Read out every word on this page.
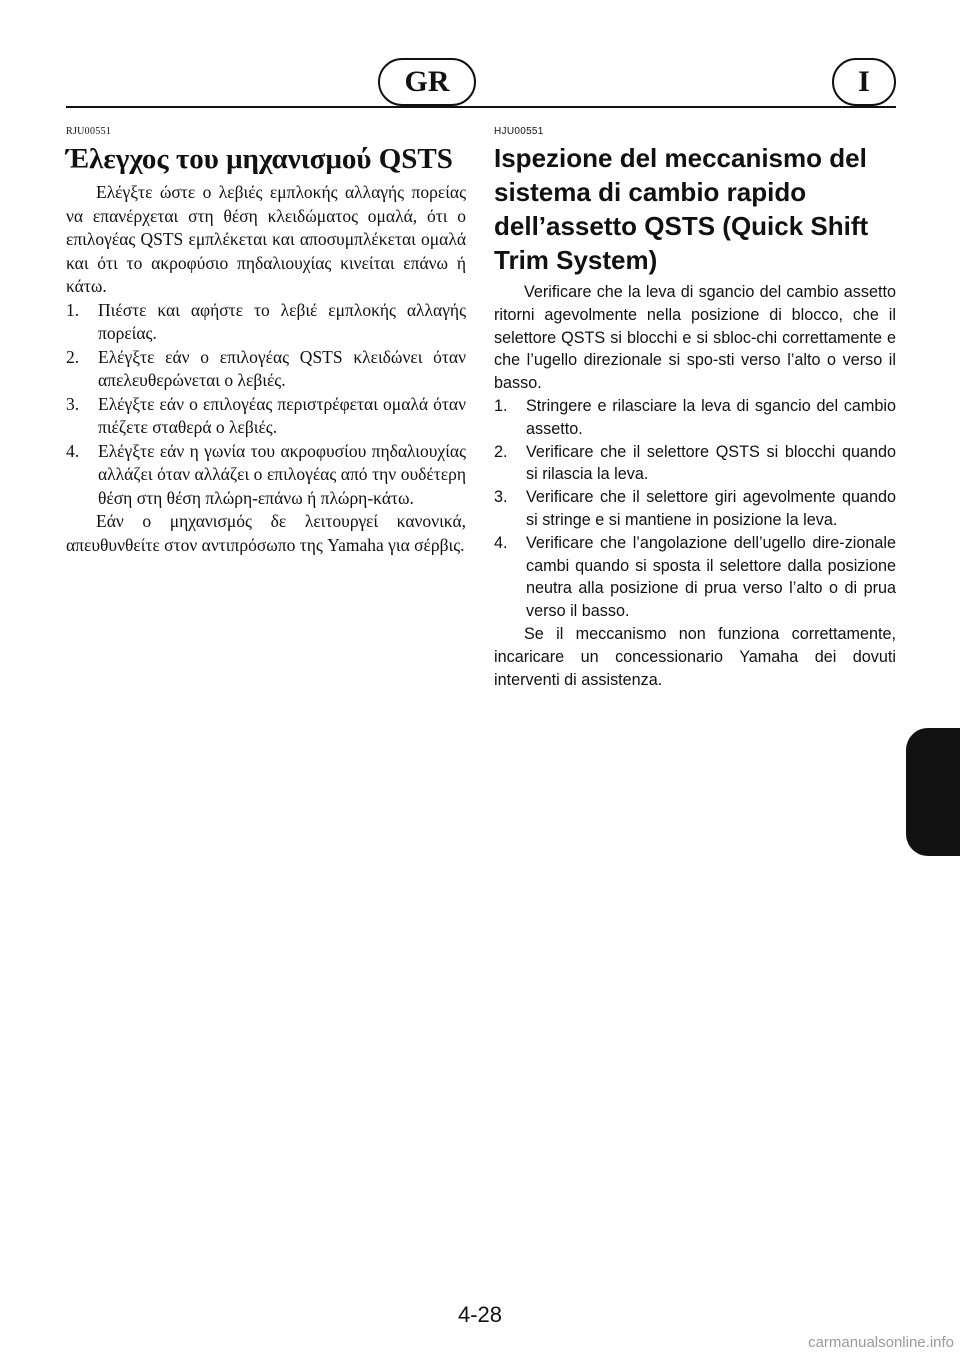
GR	I
RJU00551
Έλεγχος του μηχανισμού QSTS

Ελέγξτε ώστε ο λεβιές εμπλοκής αλλαγής πορείας να επανέρχεται στη θέση κλειδώματος ομαλά, ότι ο επιλογέας QSTS εμπλέκεται και αποσυμπλέκεται ομαλά και ότι το ακροφύσιο πηδαλιουχίας κινείται επάνω ή κάτω.

1.	Πιέστε και αφήστε το λεβιέ εμπλοκής αλλαγής πορείας.
2.	Ελέγξτε εάν ο επιλογέας QSTS κλειδώνει όταν απελευθερώνεται ο λεβιές.
3.	Ελέγξτε εάν ο επιλογέας περιστρέφεται ομαλά όταν πιέζετε σταθερά ο λεβιές.
4.	Ελέγξτε εάν η γωνία του ακροφυσίου πηδαλιουχίας αλλάζει όταν αλλάζει ο επιλογέας από την ουδέτερη θέση στη θέση πλώρη-επάνω ή πλώρη-κάτω.

Εάν ο μηχανισμός δε λειτουργεί κανονικά, απευθυνθείτε στον αντιπρόσωπο της Yamaha για σέρβις.

HJU00551
Ispezione del meccanismo del sistema di cambio rapido dell’assetto QSTS (Quick Shift Trim System)

Verificare che la leva di sgancio del cambio assetto ritorni agevolmente nella posizione di blocco, che il selettore QSTS si blocchi e si sbloc-chi correttamente e che l’ugello direzionale si spo-sti verso l’alto o verso il basso.

1.	Stringere e rilasciare la leva di sgancio del cambio assetto.
2.	Verificare che il selettore QSTS si blocchi quando si rilascia la leva.
3.	Verificare che il selettore giri agevolmente quando si stringe e si mantiene in posizione la leva.
4.	Verificare che l’angolazione dell’ugello dire-zionale cambi quando si sposta il selettore dalla posizione neutra alla posizione di prua verso l’alto o di prua verso il basso.

Se il meccanismo non funziona correttamente, incaricare un concessionario Yamaha dei dovuti interventi di assistenza.

4-28
carmanualsonline.info
